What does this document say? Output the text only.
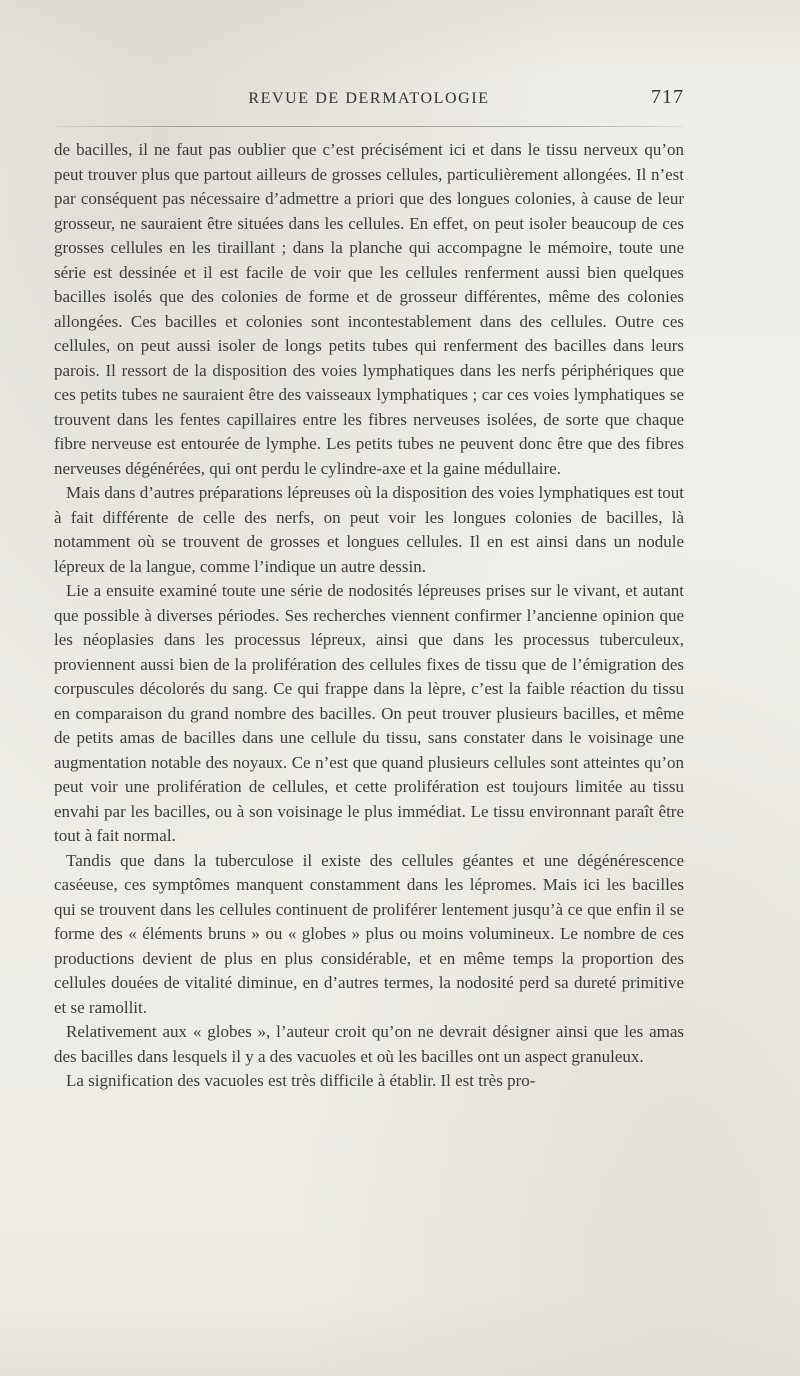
REVUE DE DERMATOLOGIE	717

de bacilles, il ne faut pas oublier que c’est précisément ici et dans le tissu nerveux qu’on peut trouver plus que partout ailleurs de grosses cellules, particulièrement allongées. Il n’est par conséquent pas nécessaire d’admettre a priori que des longues colonies, à cause de leur grosseur, ne sauraient être situées dans les cellules. En effet, on peut isoler beaucoup de ces grosses cellules en les tiraillant ; dans la planche qui accompagne le mémoire, toute une série est dessinée et il est facile de voir que les cellules renferment aussi bien quelques bacilles isolés que des colonies de forme et de grosseur différentes, même des colonies allongées. Ces bacilles et colonies sont incontestablement dans des cellules. Outre ces cellules, on peut aussi isoler de longs petits tubes qui renferment des bacilles dans leurs parois. Il ressort de la disposition des voies lymphatiques dans les nerfs périphériques que ces petits tubes ne sauraient être des vaisseaux lymphatiques ; car ces voies lymphatiques se trouvent dans les fentes capillaires entre les fibres nerveuses isolées, de sorte que chaque fibre nerveuse est entourée de lymphe. Les petits tubes ne peuvent donc être que des fibres nerveuses dégénérées, qui ont perdu le cylindre-axe et la gaine médullaire.

Mais dans d’autres préparations lépreuses où la disposition des voies lymphatiques est tout à fait différente de celle des nerfs, on peut voir les longues colonies de bacilles, là notamment où se trouvent de grosses et longues cellules. Il en est ainsi dans un nodule lépreux de la langue, comme l’indique un autre dessin.

Lie a ensuite examiné toute une série de nodosités lépreuses prises sur le vivant, et autant que possible à diverses périodes. Ses recherches viennent confirmer l’ancienne opinion que les néoplasies dans les processus lépreux, ainsi que dans les processus tuberculeux, proviennent aussi bien de la prolifération des cellules fixes de tissu que de l’émigration des corpuscules décolorés du sang. Ce qui frappe dans la lèpre, c’est la faible réaction du tissu en comparaison du grand nombre des bacilles. On peut trouver plusieurs bacilles, et même de petits amas de bacilles dans une cellule du tissu, sans constater dans le voisinage une augmentation notable des noyaux. Ce n’est que quand plusieurs cellules sont atteintes qu’on peut voir une prolifération de cellules, et cette prolifération est toujours limitée au tissu envahi par les bacilles, ou à son voisinage le plus immédiat. Le tissu environnant paraît être tout à fait normal.

Tandis que dans la tuberculose il existe des cellules géantes et une dégénérescence caséeuse, ces symptômes manquent constamment dans les lépromes. Mais ici les bacilles qui se trouvent dans les cellules continuent de proliférer lentement jusqu’à ce que enfin il se forme des « éléments bruns » ou « globes » plus ou moins volumineux. Le nombre de ces productions devient de plus en plus considérable, et en même temps la proportion des cellules douées de vitalité diminue, en d’autres termes, la nodosité perd sa dureté primitive et se ramollit.

Relativement aux « globes », l’auteur croit qu’on ne devrait désigner ainsi que les amas des bacilles dans lesquels il y a des vacuoles et où les bacilles ont un aspect granuleux.

La signification des vacuoles est très difficile à établir. Il est très pro-
